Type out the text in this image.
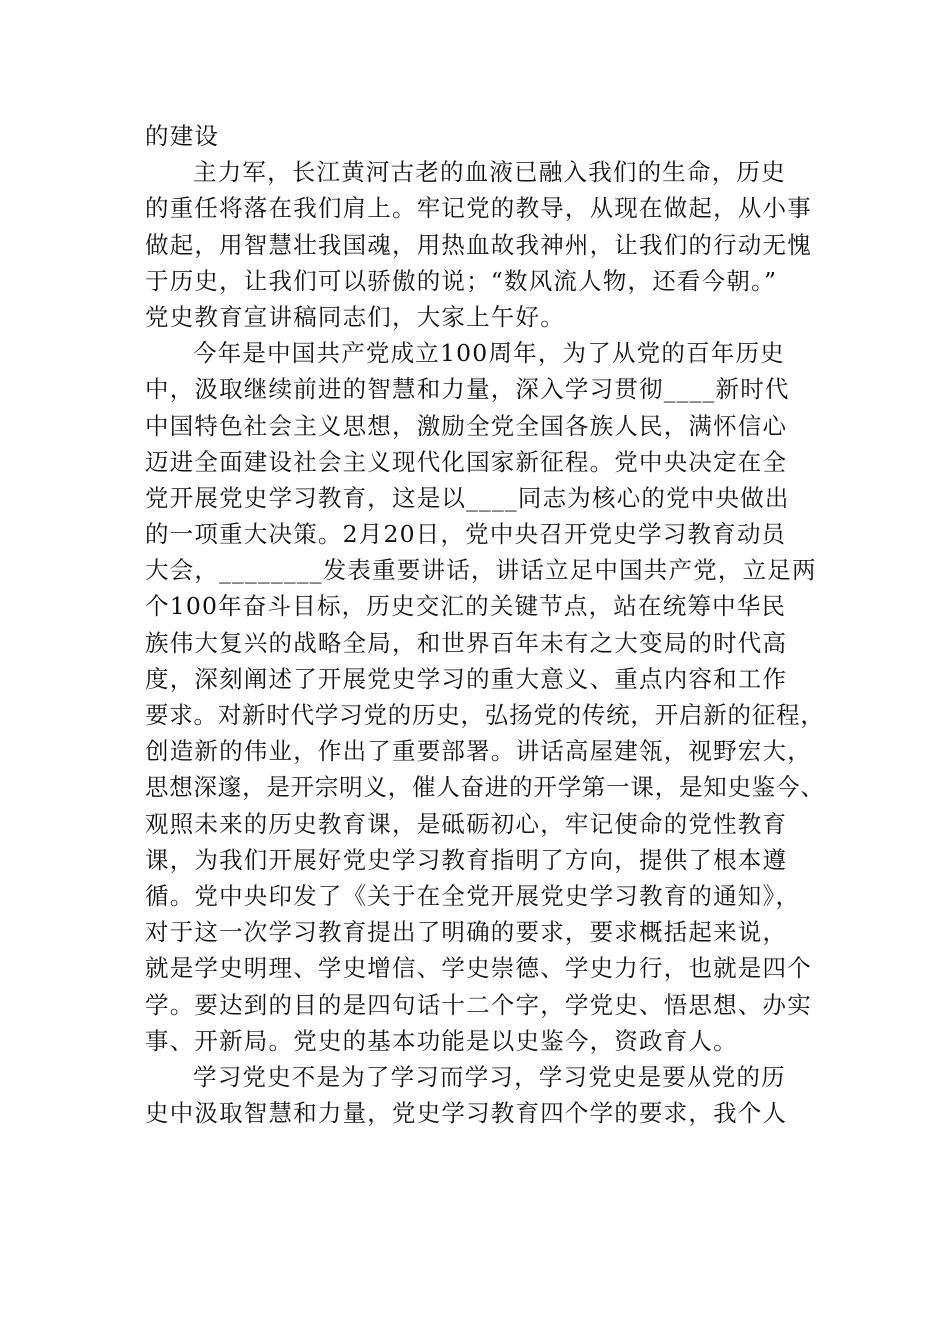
的建设
主力军，长江黄河古老的血液已融入我们的生命，历史
的重任将落在我们肩上。牢记党的教导，从现在做起，从小事
做起，用智慧壮我国魂，用热血故我神州，让我们的行动无愧
于历史，让我们可以骄傲的说；“数风流人物，还看今朝。”
党史教育宣讲稿同志们，大家上午好。
今年是中国共产党成立100周年，为了从党的百年历史
中，汲取继续前进的智慧和力量，深入学习贯彻____新时代
中国特色社会主义思想，激励全党全国各族人民，满怀信心
迈进全面建设社会主义现代化国家新征程。党中央决定在全
党开展党史学习教育，这是以____同志为核心的党中央做出
的一项重大决策。2月20日，党中央召开党史学习教育动员
大会，________发表重要讲话，讲话立足中国共产党，立足两
个100年奋斗目标，历史交汇的关键节点，站在统筹中华民
族伟大复兴的战略全局，和世界百年未有之大变局的时代高
度，深刻阐述了开展党史学习的重大意义、重点内容和工作
要求。对新时代学习党的历史，弘扬党的传统，开启新的征程，
创造新的伟业，作出了重要部署。讲话高屋建瓴，视野宏大，
思想深邃，是开宗明义，催人奋进的开学第一课，是知史鉴今、
观照未来的历史教育课，是砥砺初心，牢记使命的党性教育
课，为我们开展好党史学习教育指明了方向，提供了根本遵
循。党中央印发了《关于在全党开展党史学习教育的通知》，
对于这一次学习教育提出了明确的要求，要求概括起来说，
就是学史明理、学史增信、学史崇德、学史力行，也就是四个
学。要达到的目的是四句话十二个字，学党史、悟思想、办实
事、开新局。党史的基本功能是以史鉴今，资政育人。
学习党史不是为了学习而学习，学习党史是要从党的历
史中汲取智慧和力量，党史学习教育四个学的要求，我个人
